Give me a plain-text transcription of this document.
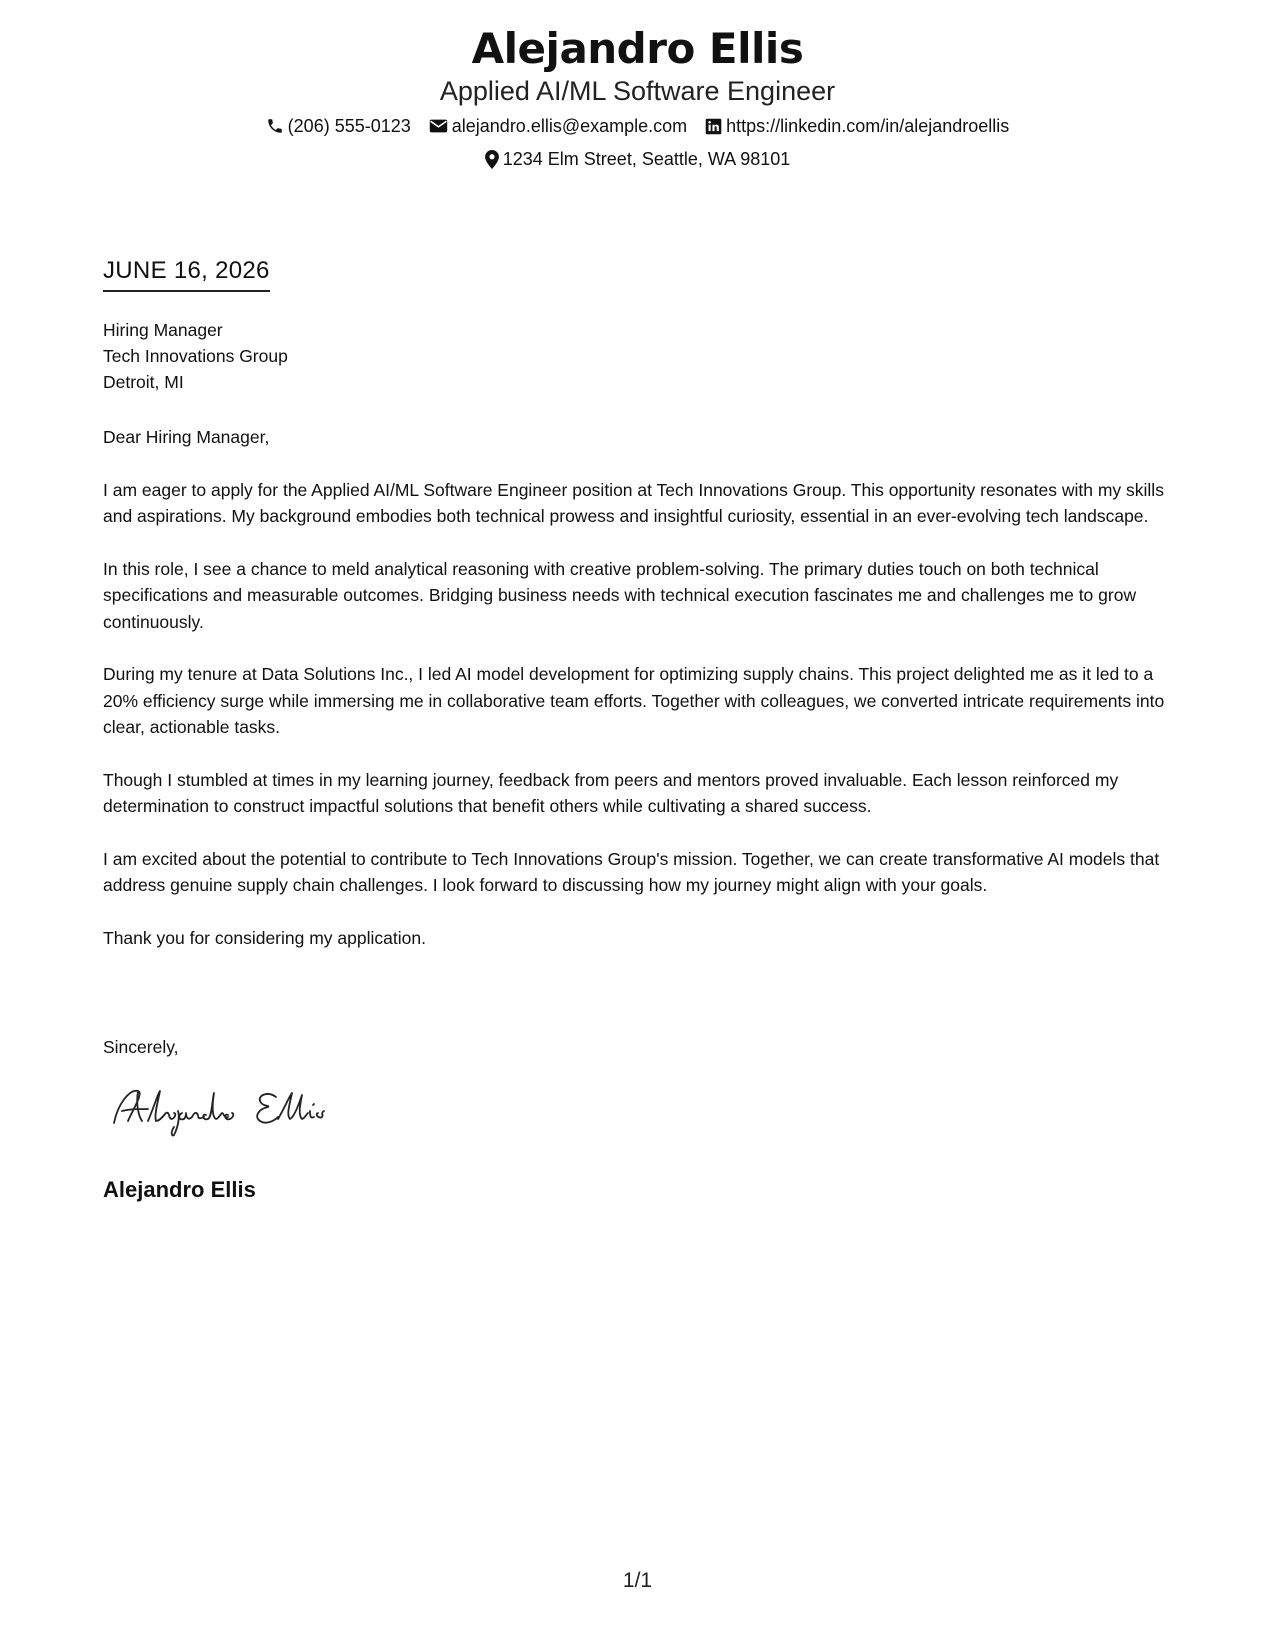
Alejandro Ellis
Applied AI/ML Software Engineer
(206) 555-0123 alejandro.ellis@example.com https://linkedin.com/in/alejandroellis
1234 Elm Street, Seattle, WA 98101
JUNE 16, 2026
Hiring Manager
Tech Innovations Group
Detroit, MI

Dear Hiring Manager,

I am eager to apply for the Applied AI/ML Software Engineer position at Tech Innovations Group. This opportunity resonates with my skills and aspirations. My background embodies both technical prowess and insightful curiosity, essential in an ever-evolving tech landscape.

In this role, I see a chance to meld analytical reasoning with creative problem-solving. The primary duties touch on both technical specifications and measurable outcomes. Bridging business needs with technical execution fascinates me and challenges me to grow continuously.

During my tenure at Data Solutions Inc., I led AI model development for optimizing supply chains. This project delighted me as it led to a 20% efficiency surge while immersing me in collaborative team efforts. Together with colleagues, we converted intricate requirements into clear, actionable tasks.

Though I stumbled at times in my learning journey, feedback from peers and mentors proved invaluable. Each lesson reinforced my determination to construct impactful solutions that benefit others while cultivating a shared success.

I am excited about the potential to contribute to Tech Innovations Group's mission. Together, we can create transformative AI models that address genuine supply chain challenges. I look forward to discussing how my journey might align with your goals.

Thank you for considering my application.

Sincerely,
Alejandro Ellis
1/1
